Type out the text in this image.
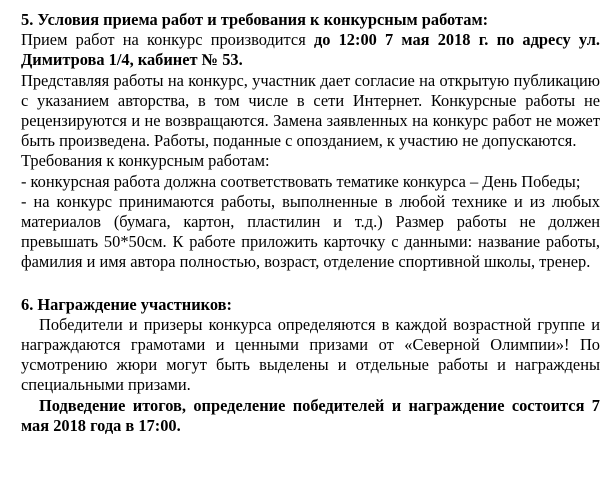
5. Условия приема работ и требования к конкурсным работам:

Прием работ на конкурс производится до 12:00 7 мая 2018 г. по адресу ул. Димитрова 1/4, кабинет № 53.

Представляя работы на конкурс, участник дает согласие на открытую публикацию с указанием авторства, в том числе в сети Интернет. Конкурсные работы не рецензируются и не возвращаются. Замена заявленных на конкурс работ не может быть произведена. Работы, поданные с опозданием, к участию не допускаются.

Требования к конкурсным работам:

- конкурсная работа должна соответствовать тематике конкурса – День Победы;

- на конкурс принимаются работы, выполненные в любой технике и из любых материалов (бумага, картон, пластилин и т.д.) Размер работы не должен превышать 50*50см. К работе приложить карточку с данными: название работы, фамилия и имя автора полностью, возраст, отделение спортивной школы, тренер.

6. Награждение участников:

Победители и призеры конкурса определяются в каждой возрастной группе и награждаются грамотами и ценными призами от «Северной Олимпии»! По усмотрению жюри могут быть выделены и отдельные работы и награждены специальными призами.

Подведение итогов, определение победителей и награждение состоится 7 мая 2018 года в 17:00.
